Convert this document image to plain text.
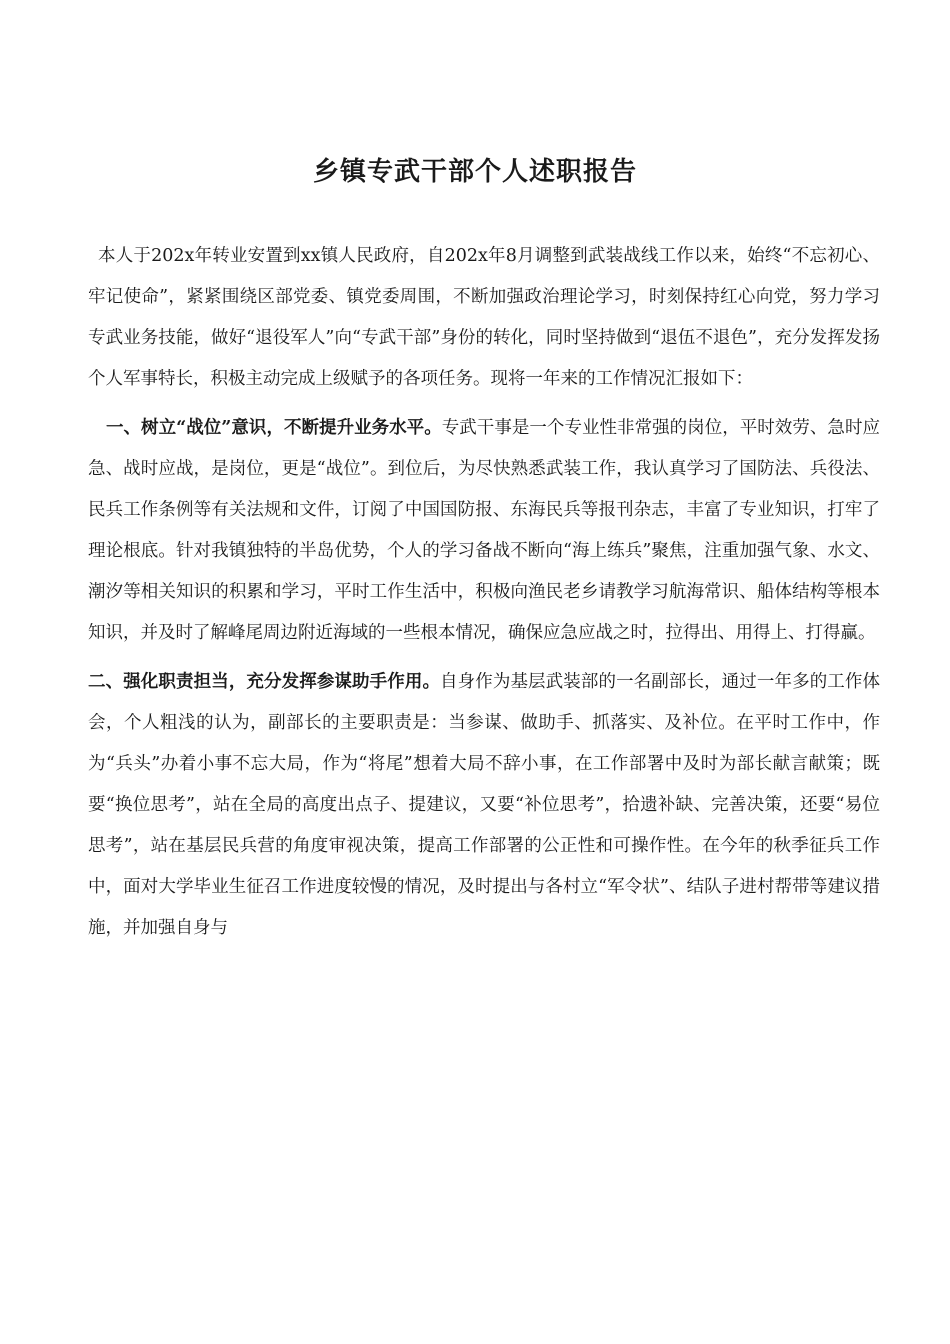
乡镇专武干部个人述职报告

本人于202x年转业安置到xx镇人民政府，自202x年8月调整到武装战线工作以来，始终“不忘初心、牢记使命”，紧紧围绕区部党委、镇党委周围，不断加强政治理论学习，时刻保持红心向党，努力学习专武业务技能，做好“退役军人”向“专武干部”身份的转化，同时坚持做到“退伍不退色”，充分发挥发扬个人军事特长，积极主动完成上级赋予的各项任务。现将一年来的工作情况汇报如下：

一、树立“战位”意识，不断提升业务水平。专武干事是一个专业性非常强的岗位，平时效劳、急时应急、战时应战，是岗位，更是“战位”。到位后，为尽快熟悉武装工作，我认真学习了国防法、兵役法、民兵工作条例等有关法规和文件，订阅了中国国防报、东海民兵等报刊杂志，丰富了专业知识，打牢了理论根底。针对我镇独特的半岛优势，个人的学习备战不断向“海上练兵”聚焦，注重加强气象、水文、潮汐等相关知识的积累和学习，平时工作生活中，积极向渔民老乡请教学习航海常识、船体结构等根本知识，并及时了解峰尾周边附近海域的一些根本情况，确保应急应战之时，拉得出、用得上、打得赢。

二、强化职责担当，充分发挥参谋助手作用。自身作为基层武装部的一名副部长，通过一年多的工作体会，个人粗浅的认为，副部长的主要职责是：当参谋、做助手、抓落实、及补位。在平时工作中，作为“兵头”办着小事不忘大局，作为“将尾”想着大局不辞小事，在工作部署中及时为部长献言献策；既要“换位思考”，站在全局的高度出点子、提建议，又要“补位思考”，拾遗补缺、完善决策，还要“易位思考”，站在基层民兵营的角度审视决策，提高工作部署的公正性和可操作性。在今年的秋季征兵工作中，面对大学毕业生征召工作进度较慢的情况，及时提出与各村立“军令状”、结队子进村帮带等建议措施，并加强自身与
